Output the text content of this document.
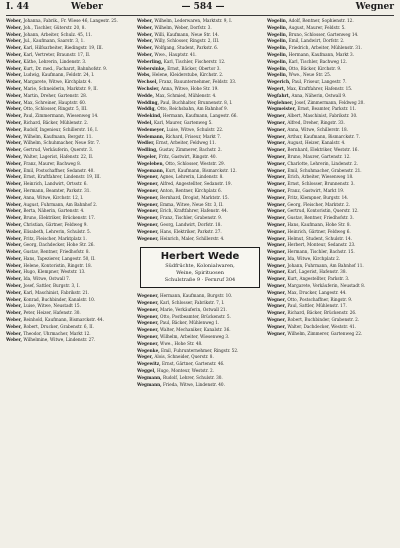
I. 44	Weber	— 584 —	Wegner
Weber, Johanna, Fabrik., Fr. Wiese 46, Langestr. 25.
Weber, Joh., Tischler, Güterstr. 20, 8.
Weber, Johann, Arbeiter, Schulz. 45, 11.
Weber, Jul., Kaufmann, Saarstr. 3, 1.
Weber, Karl, Hilfsarbeiter, Riedingstr. 19, III.
Weber, Karl, Vertreter, Braunstr. 17, II.
Weber, Käthe, Lehrerin, Lindenstr. 3.
Weber, Kurt, Dr. med., Facharzt, Bahnhofstr. 9.
Weber, Ludwig, Kaufmann, Feldstr. 24, I.
Weber, Margarete, Witwe, Kirchplatz 4.
Weber, Marie, Schneiderin, Marktstr. 9, II.
Weber, Martin, Dreher, Gartenstr. 28.
Weber, Max, Schreiner, Hauptstr. 60.
Weber, Otto, Schlosser, Ringstr. 5, III.
Weber, Paul, Zimmermann, Wiesenweg 14.
Weber, Richard, Bäcker, Mühlenstr. 2.
Weber, Rudolf, Ingenieur, Schillerstr. 16, I.
Weber, Wilhelm, Kaufmann, Bergstr. 11.
Weber, Wilhelm, Schuhmacher, Neue Str. 7.
Weber, Gertrud, Verkäuferin, Querstr. 3.
Weber, Walter, Lagerist, Hafenstr. 22, II.
Weber, Franz, Maurer, Bachweg 8.
Weber, Emil, Postschaffner, Sedanstr. 40.
Weber, Ernst, Kraftfahrer, Lindenstr. 19, III.
Weber, Heinrich, Landwirt, Ortsstr. 6.
Weber, Hermann, Beamter, Parkstr. 31.
Weber, Anna, Witwe, Kirchstr. 12, I.
Weber, August, Fuhrmann, Am Bahnhof 2.
Weber, Berta, Näherin, Gartenstr. 4.
Weber, Bruno, Elektriker, Brückenstr. 17.
Weber, Christian, Gärtner, Feldweg 9.
Weber, Elisabeth, Lehrerin, Schulstr. 5.
Weber, Fritz, Fleischer, Marktplatz 1.
Weber, Georg, Dachdecker, Hohe Str. 26.
Weber, Gustav, Rentner, Friedhofstr. 8.
Weber, Hans, Tapezierer, Langestr. 50, II.
Weber, Helene, Kontoristin, Ringstr. 18.
Weber, Hugo, Klempner, Weststr. 13.
Weber, Ida, Witwe, Ostwall 7.
Weber, Josef, Sattler, Burgstr. 3, I.
Weber, Karl, Maschinist, Fabrikstr. 21.
Weber, Konrad, Buchbinder, Kanalstr. 10.
Weber, Luise, Witwe, Neustadt 15.
Weber, Peter, Heizer, Hafenstr. 30.
Weber, Reinhold, Kaufmann, Bismarckstr. 44.
Weber, Robert, Drucker, Grabenstr. 6, II.
Weber, Theodor, Uhrmacher, Markt 12.
Weber, Wilhelmine, Witwe, Lindenstr. 27.
Weber, Wilhelm, Lederwaren, Marktstr. 9, I.
Weber, Wilhelm, Weber, Dorfstr. 3.
Weber, Willi, Kaufmann, Neue Str. 14.
Weber, Willy, Schlosser, Ringstr. 2, III.
Weber, Wolfgang, Student, Parkstr. 6.
Weber, Wwe., Hauptstr. 41.
Weberling, Karl, Tischler, Fischerstr. 12.
Webersinke, Ernst, Bäcker, Obertor 3.
Webs, Helene, Kleiderstube, Kirchstr. 2.
Wechsel, Franz, Bauunternehmer, Feldstr. 33.
Wechsler, Anna, Witwe, Hohe Str. 19.
Wedde, Max, Schmied, Mühlenstr. 4.
Wedding, Paul, Buchhalter, Brunnenstr. 8, I.
Weddig, Otto, Reichsbahn, Am Bahnhof 9.
Wedekind, Hermann, Kaufmann, Langestr. 66.
Wedel, Karl, Maurer, Gartenweg 5.
Wedemeyer, Luise, Witwe, Schulstr. 22.
Wedemann, Richard, Friseur, Markt 7.
Wedler, Ernst, Arbeiter, Feldweg 11.
Wedling, Gustav, Zimmerer, Bachstr. 2.
Wegeler, Fritz, Gastwirt, Ringstr. 40.
Wegeleben, Otto, Schlosser, Weststr. 29.
Wegemann, Kurt, Kaufmann, Bismarckstr. 12.
Wegener, Agnes, Lehrerin, Lindenstr. 8.
Wegener, Alfred, Angestellter, Sedanstr. 19.
Wegener, Anton, Rentner, Kirchplatz 6.
Wegener, Bernhard, Drogist, Marktstr. 15.
Wegener, Emma, Witwe, Neue Str. 3, II.
Wegener, Erich, Kraftfahrer, Hafenstr. 44.
Wegener, Franz, Tischler, Grabenstr. 9.
Wegener, Georg, Landwirt, Dorfstr. 18.
Wegener, Hans, Elektriker, Parkstr. 27.
Wegener, Heinrich, Maler, Schillerstr. 4.
Herbert Wede
Südfrüchte, Kolonialwaren,
Weine, Spirituosen
Schulstraße 9 · Fernruf 304
Wegener, Hermann, Kaufmann, Burgstr. 10.
Wegener, Karl, Schlosser, Fabrikstr. 7, I.
Wegener, Marie, Verkäuferin, Ostwall 21.
Wegener, Otto, Postbeamter, Brückenstr. 5.
Wegener, Paul, Bäcker, Mühlenweg 1.
Wegener, Walter, Mechaniker, Kanalstr. 36.
Wegener, Wilhelm, Arbeiter, Wiesenweg 3.
Wegener, Wwe., Hohe Str. 48.
Wegenke, Emil, Fuhrunternehmer, Ringstr. 52.
Weger, Alois, Schneider, Querstr. 8.
Wegewitz, Ernst, Gärtner, Gartenstr. 46.
Weggel, Hugo, Monteur, Weststr. 2.
Wegmann, Rudolf, Lehrer, Schulstr. 30.
Wegmann, Frieda, Witwe, Lindenstr. 40.
Wegelin, Adolf, Rentner, Sophienstr. 12.
Wegelin, August, Maurer, Feldstr. 5.
Wegelin, Bruno, Schlosser, Gartenweg 14.
Wegelin, Emil, Landwirt, Dorfstr. 2.
Wegelin, Friedrich, Arbeiter, Mühlenstr. 31.
Wegelin, Hermann, Kaufmann, Markt 3.
Wegelin, Karl, Tischler, Bachweg 12.
Wegelin, Otto, Bäcker, Kirchstr. 9.
Wegelin, Wwe., Neue Str. 25.
Wegerich, Paul, Friseur, Langestr. 7.
Wegert, Max, Kraftfahrer, Hafenstr. 15.
Wegfahrt, Anna, Näherin, Ostwall 9.
Weglehner, Josef, Zimmermann, Feldweg 20.
Wegmeister, Ernst, Beamter, Parkstr. 11.
Wegner, Albert, Maschinist, Fabrikstr. 30.
Wegner, Alfred, Dreher, Ringstr. 33.
Wegner, Anna, Witwe, Schillerstr. 18.
Wegner, Arthur, Kaufmann, Bismarckstr. 7.
Wegner, August, Heizer, Kanalstr. 4.
Wegner, Bernhard, Elektriker, Weststr. 16.
Wegner, Bruno, Maurer, Gartenstr. 12.
Wegner, Charlotte, Lehrerin, Lindenstr. 2.
Wegner, Emil, Schuhmacher, Grabenstr. 21.
Wegner, Erich, Arbeiter, Wiesenweg 18.
Wegner, Ernst, Schlosser, Brunnenstr. 3.
Wegner, Franz, Gastwirt, Markt 19.
Wegner, Fritz, Klempner, Burgstr. 14.
Wegner, Georg, Fleischer, Marktstr. 2.
Wegner, Gertrud, Kontoristin, Querstr. 12.
Wegner, Gustav, Rentner, Friedhofstr. 3.
Wegner, Hans, Kaufmann, Hohe Str. 8.
Wegner, Heinrich, Gärtner, Feldweg 6.
Wegner, Helmut, Student, Schulstr. 14.
Wegner, Herbert, Monteur, Sedanstr. 23.
Wegner, Hermann, Tischler, Bachstr. 15.
Wegner, Ida, Witwe, Kirchplatz 2.
Wegner, Johann, Fuhrmann, Am Bahnhof 11.
Wegner, Karl, Lagerist, Hafenstr. 38.
Wegner, Kurt, Angestellter, Parkstr. 3.
Wegner, Margarete, Verkäuferin, Neustadt 8.
Wegner, Max, Drucker, Langestr. 44.
Wegner, Otto, Postschaffner, Ringstr. 9.
Wegner, Paul, Sattler, Mühlenstr. 17.
Wegner, Richard, Bäcker, Brückenstr. 26.
Wegner, Robert, Buchbinder, Grabenstr. 2.
Wegner, Walter, Dachdecker, Weststr. 41.
Wegner, Wilhelm, Zimmerer, Gartenweg 22.
